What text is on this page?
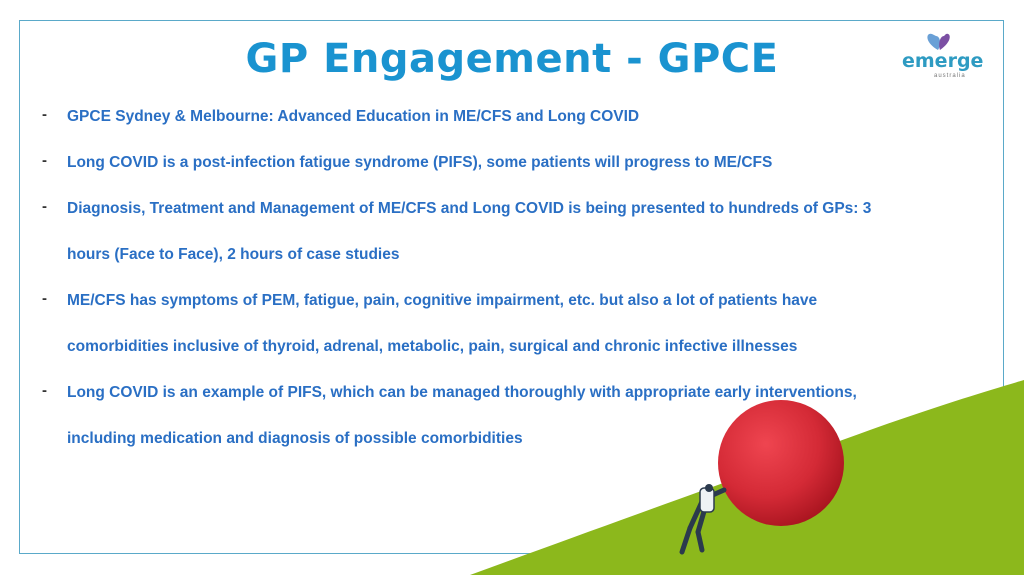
GP Engagement - GPCE	emerge
australia
- GPCE Sydney & Melbourne: Advanced Education in ME/CFS and Long COVID
- Long COVID is a post-infection fatigue syndrome (PIFS), some patients will progress to ME/CFS
- Diagnosis, Treatment and Management of ME/CFS and Long COVID is being presented to hundreds of GPs: 3
hours (Face to Face), 2 hours of case studies
- ME/CFS has symptoms of PEM, fatigue, pain, cognitive impairment, etc. but also a lot of patients have
comorbidities inclusive of thyroid, adrenal, metabolic, pain, surgical and chronic infective illnesses
- Long COVID is an example of PIFS, which can be managed thoroughly with appropriate early interventions,
including medication and diagnosis of possible comorbidities
